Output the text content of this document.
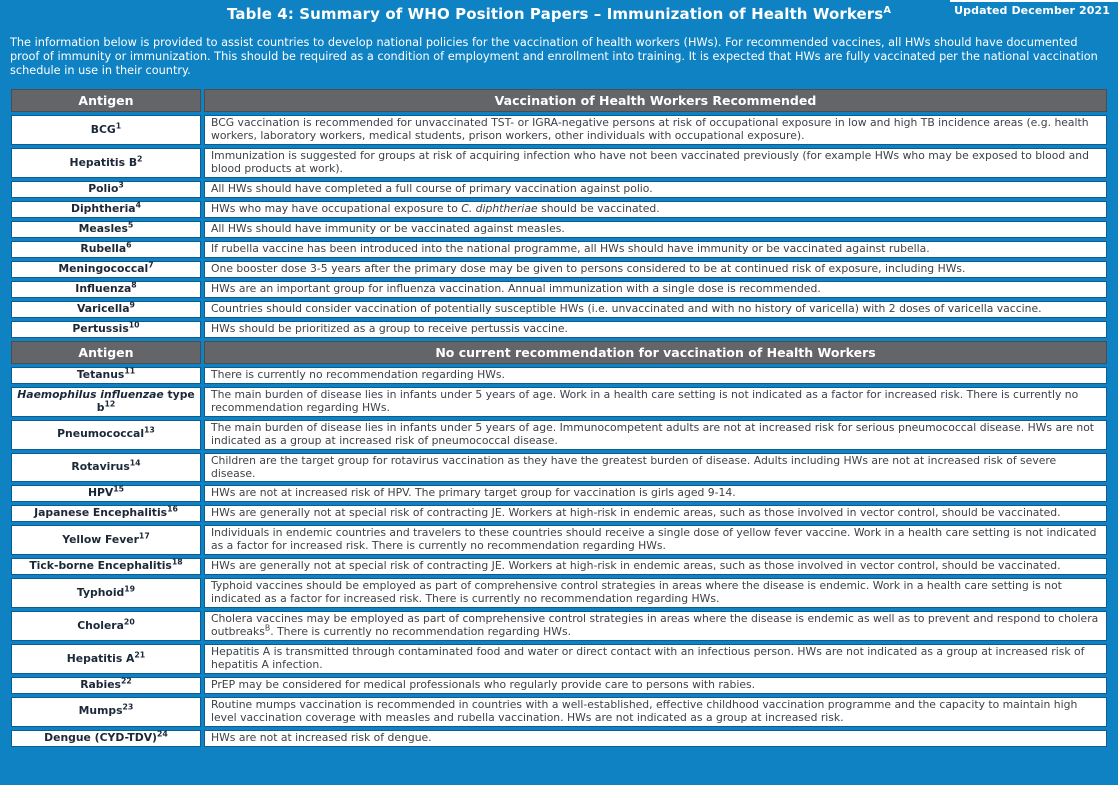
Updated December 2021
Table 4: Summary of WHO Position Papers – Immunization of Health Workers$^A$

The information below is provided to assist countries to develop national policies for the vaccination of health workers (HWs). For recommended vaccines, all HWs should have documented proof of immunity or immunization. This should be required as a condition of employment and enrollment into training. It is expected that HWs are fully vaccinated per the national vaccination schedule in use in their country.

Antigen	Vaccination of Health Workers Recommended
BCG$^1$	BCG vaccination is recommended for unvaccinated TST- or IGRA-negative persons at risk of occupational exposure in low and high TB incidence areas (e.g. health workers, laboratory workers, medical students, prison workers, other individuals with occupational exposure).
Hepatitis $B^2$	Immunization is suggested for groups at risk of acquiring infection who have not been vaccinated previously (for example HWs who may be exposed to blood and blood products at work).
Polio$^3$	All HWs should have completed a full course of primary vaccination against polio.
Diphtheria$^4$	HWs who may have occupational exposure to C. diphtheriae should be vaccinated.
Measles$^5$	All HWs should have immunity or be vaccinated against measles.
Rubella$^6$	If rubella vaccine has been introduced into the national programme, all HWs should have immunity or be vaccinated against rubella.
Meningococcal$^7$	One booster dose 3-5 years after the primary dose may be given to persons considered to be at continued risk of exposure, including HWs.
Influenza$^8$	HWs are an important group for influenza vaccination. Annual immunization with a single dose is recommended.
Varicella$^9$	Countries should consider vaccination of potentially susceptible HWs (i.e. unvaccinated and with no history of varicella) with 2 doses of varicella vaccine.
Pertussis$^{10}$	HWs should be prioritized as a group to receive pertussis vaccine.
Antigen	No current recommendation for vaccination of Health Workers
Tetanus$^{11}$	There is currently no recommendation regarding HWs.
Haemophilus influenzae type $b^{12}$	The main burden of disease lies in infants under 5 years of age. Work in a health care setting is not indicated as a factor for increased risk. There is currently no recommendation regarding HWs.
Pneumococcal$^{13}$	The main burden of disease lies in infants under 5 years of age. Immunocompetent adults are not at increased risk for serious pneumococcal disease. HWs are not indicated as a group at increased risk of pneumococcal disease.
Rotavirus$^{14}$	Children are the target group for rotavirus vaccination as they have the greatest burden of disease. Adults including HWs are not at increased risk of severe disease.
HPV$^{15}$	HWs are not at increased risk of HPV. The primary target group for vaccination is girls aged 9-14.
Japanese Encephalitis$^{16}$	HWs are generally not at special risk of contracting JE. Workers at high-risk in endemic areas, such as those involved in vector control, should be vaccinated.
Yellow Fever$^{17}$	Individuals in endemic countries and travelers to these countries should receive a single dose of yellow fever vaccine. Work in a health care setting is not indicated as a factor for increased risk. There is currently no recommendation regarding HWs.
Tick-borne Encephalitis$^{18}$	HWs are generally not at special risk of contracting JE. Workers at high-risk in endemic areas, such as those involved in vector control, should be vaccinated.
Typhoid$^{19}$	Typhoid vaccines should be employed as part of comprehensive control strategies in areas where the disease is endemic. Work in a health care setting is not indicated as a factor for increased risk. There is currently no recommendation regarding HWs.
Cholera$^{20}$	Cholera vaccines may be employed as part of comprehensive control strategies in areas where the disease is endemic as well as to prevent and respond to cholera outbreaks$^B$. There is currently no recommendation regarding HWs.
Hepatitis $A^{21}$	Hepatitis A is transmitted through contaminated food and water or direct contact with an infectious person. HWs are not indicated as a group at increased risk of hepatitis A infection.
Rabies$^{22}$	PrEP may be considered for medical professionals who regularly provide care to persons with rabies.
Mumps$^{23}$	Routine mumps vaccination is recommended in countries with a well-established, effective childhood vaccination programme and the capacity to maintain high level vaccination coverage with measles and rubella vaccination. HWs are not indicated as a group at increased risk.
Dengue $(CYD-TDV)^{24}$	HWs are not at increased risk of dengue.
